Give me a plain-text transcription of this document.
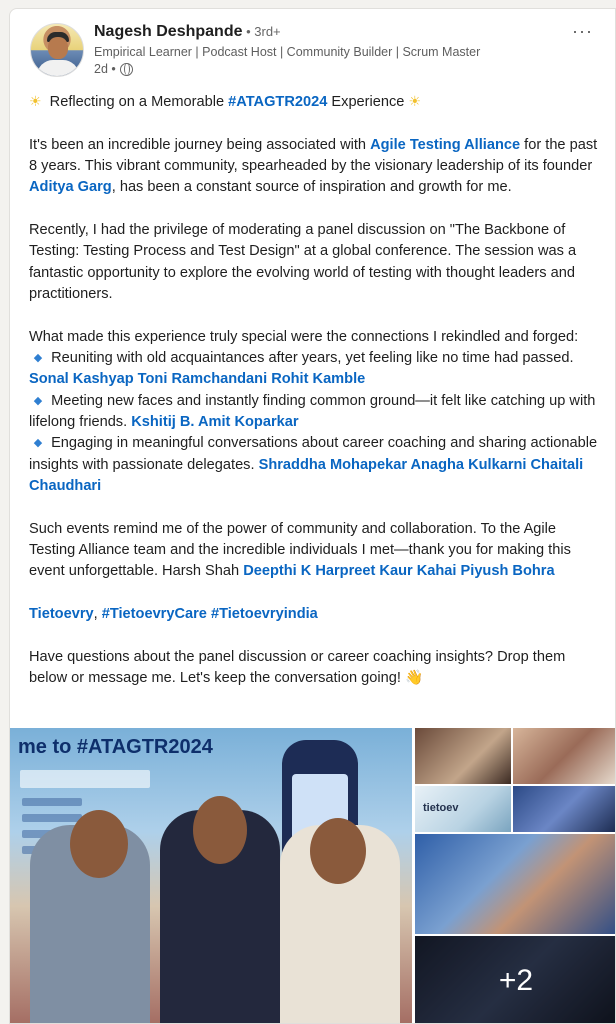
Nagesh Deshpande • 3rd+
Empirical Learner | Podcast Host | Community Builder | Scrum Master
2d •
···

☀ Reflecting on a Memorable #ATAGTR2024 Experience ☀

It's been an incredible journey being associated with Agile Testing Alliance for the past 8 years. This vibrant community, spearheaded by the visionary leadership of its founder Aditya Garg, has been a constant source of inspiration and growth for me.

Recently, I had the privilege of moderating a panel discussion on "The Backbone of Testing: Testing Process and Test Design" at a global conference. The session was a fantastic opportunity to explore the evolving world of testing with thought leaders and practitioners.

What made this experience truly special were the connections I rekindled and forged:

◆ Reuniting with old acquaintances after years, yet feeling like no time had passed. Sonal Kashyap Toni Ramchandani Rohit Kamble

◆ Meeting new faces and instantly finding common ground—it felt like catching up with lifelong friends. Kshitij B. Amit Koparkar

◆ Engaging in meaningful conversations about career coaching and sharing actionable insights with passionate delegates. Shraddha Mohapekar Anagha Kulkarni Chaitali Chaudhari

Such events remind me of the power of community and collaboration. To the Agile Testing Alliance team and the incredible individuals I met—thank you for making this event unforgettable. Harsh Shah Deepthi K Harpreet Kaur Kahai Piyush Bohra

Tietoevry, #TietoevryCare #Tietoevryindia

Have questions about the panel discussion or career coaching insights? Drop them below or message me. Let's keep the conversation going! 👋

me to #ATAGTR2024
tietoev
+2
